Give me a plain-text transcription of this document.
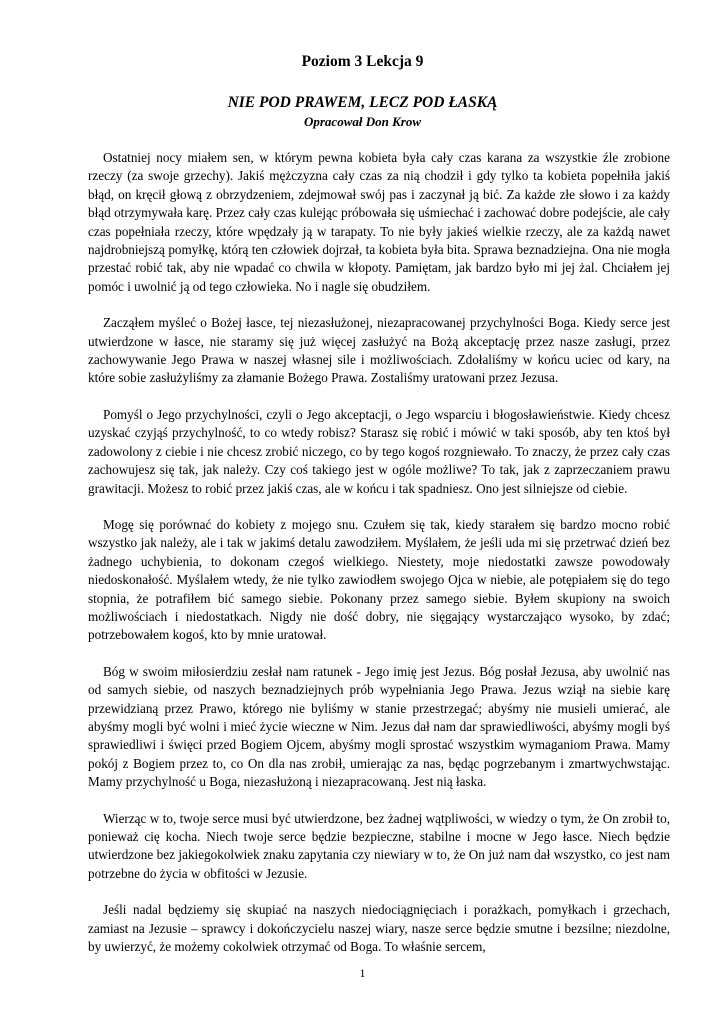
Poziom 3 Lekcja 9
NIE POD PRAWEM, LECZ POD ŁASKĄ
Opracował Don Krow

Ostatniej nocy miałem sen, w którym pewna kobieta była cały czas karana za wszystkie źle zrobione rzeczy (za swoje grzechy). Jakiś mężczyzna cały czas za nią chodził i gdy tylko ta kobieta popełniła jakiś błąd, on kręcił głową z obrzydzeniem, zdejmował swój pas i zaczynał ją bić. Za każde złe słowo i za każdy błąd otrzymywała karę. Przez cały czas kulejąc próbowała się uśmiechać i zachować dobre podejście, ale cały czas popełniała rzeczy, które wpędzały ją w tarapaty. To nie były jakieś wielkie rzeczy, ale za każdą nawet najdrobniejszą pomyłkę, którą ten człowiek dojrzał, ta kobieta była bita. Sprawa beznadziejna. Ona nie mogła przestać robić tak, aby nie wpadać co chwila w kłopoty. Pamiętam, jak bardzo było mi jej żal. Chciałem jej pomóc i uwolnić ją od tego człowieka. No i nagle się obudziłem.

Zacząłem myśleć o Bożej łasce, tej niezasłużonej, niezapracowanej przychylności Boga. Kiedy serce jest utwierdzone w łasce, nie staramy się już więcej zasłużyć na Bożą akceptację przez nasze zasługi, przez zachowywanie Jego Prawa w naszej własnej sile i możliwościach. Zdołaliśmy w końcu uciec od kary, na które sobie zasłużyliśmy za złamanie Bożego Prawa. Zostaliśmy uratowani przez Jezusa.

Pomyśl o Jego przychylności, czyli o Jego akceptacji, o Jego wsparciu i błogosławieństwie. Kiedy chcesz uzyskać czyjąś przychylność, to co wtedy robisz? Starasz się robić i mówić w taki sposób, aby ten ktoś był zadowolony z ciebie i nie chcesz zrobić niczego, co by tego kogoś rozgniewało. To znaczy, że przez cały czas zachowujesz się tak, jak należy. Czy coś takiego jest w ogóle możliwe? To tak, jak z zaprzeczaniem prawu grawitacji. Możesz to robić przez jakiś czas, ale w końcu i tak spadniesz. Ono jest silniejsze od ciebie.

Mogę się porównać do kobiety z mojego snu. Czułem się tak, kiedy starałem się bardzo mocno robić wszystko jak należy, ale i tak w jakimś detalu zawodziłem. Myślałem, że jeśli uda mi się przetrwać dzień bez żadnego uchybienia, to dokonam czegoś wielkiego. Niestety, moje niedostatki zawsze powodowały niedoskonałość. Myślałem wtedy, że nie tylko zawiodłem swojego Ojca w niebie, ale potępiałem się do tego stopnia, że potrafiłem bić samego siebie. Pokonany przez samego siebie. Byłem skupiony na swoich możliwościach i niedostatkach. Nigdy nie dość dobry, nie sięgający wystarczająco wysoko, by zdać; potrzebowałem kogoś, kto by mnie uratował.

Bóg w swoim miłosierdziu zesłał nam ratunek - Jego imię jest Jezus. Bóg posłał Jezusa, aby uwolnić nas od samych siebie, od naszych beznadziejnych prób wypełniania Jego Prawa. Jezus wziął na siebie karę przewidzianą przez Prawo, którego nie byliśmy w stanie przestrzegać; abyśmy nie musieli umierać, ale abyśmy mogli być wolni i mieć życie wieczne w Nim. Jezus dał nam dar sprawiedliwości, abyśmy mogli byś sprawiedliwi i święci przed Bogiem Ojcem, abyśmy mogli sprostać wszystkim wymaganiom Prawa. Mamy pokój z Bogiem przez to, co On dla nas zrobił, umierając za nas, będąc pogrzebanym i zmartwychwstając. Mamy przychylność u Boga, niezasłużoną i niezapracowaną. Jest nią łaska.

Wierząc w to, twoje serce musi być utwierdzone, bez żadnej wątpliwości, w wiedzy o tym, że On zrobił to, ponieważ cię kocha. Niech twoje serce będzie bezpieczne, stabilne i mocne w Jego łasce. Niech będzie utwierdzone bez jakiegokolwiek znaku zapytania czy niewiary w to, że On już nam dał wszystko, co jest nam potrzebne do życia w obfitości w Jezusie.

Jeśli nadal będziemy się skupiać na naszych niedociągnięciach i porażkach, pomyłkach i grzechach, zamiast na Jezusie – sprawcy i dokończycielu naszej wiary, nasze serce będzie smutne i bezsilne; niezdolne, by uwierzyć, że możemy cokolwiek otrzymać od Boga. To właśnie sercem,

1
